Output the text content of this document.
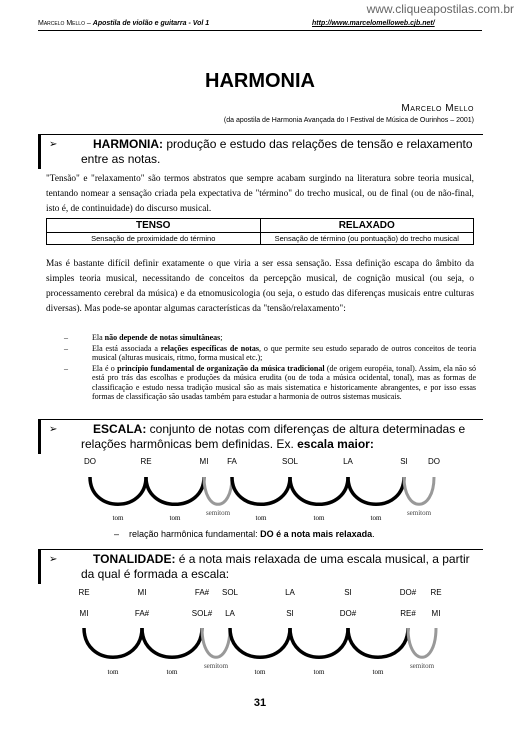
www.cliqueapostilas.com.br
Marcelo Mello – Apostila de violão e guitarra - Vol 1	http://www.marcelomelloweb.cjb.net/
HARMONIA
Marcelo Mello
(da apostila de Harmonia Avançada do I Festival de Música de Ourinhos – 2001)
➢	HARMONIA: produção e estudo das relações de tensão e relaxamento entre as notas.
"Tensão" e "relaxamento" são termos abstratos que sempre acabam surgindo na literatura sobre teoria musical, tentando nomear a sensação criada pela expectativa de "término" do trecho musical, ou de final (ou de não-final, isto é, de continuidade) do discurso musical.
TENSO	RELAXADO
Sensação de proximidade do término	Sensação de término (ou pontuação) do trecho musical
Mas é bastante difícil definir exatamente o que viria a ser essa sensação. Essa definição escapa do âmbito da simples teoria musical, necessitando de conceitos da percepção musical, de cognição musical (ou seja, o processamento cerebral da música) e da etnomusicologia (ou seja, o estudo das diferenças musicais entre culturas diversas). Mas pode-se apontar algumas características da "tensão/relaxamento":
–	Ela não depende de notas simultâneas;
–	Ela está associada a relações específicas de notas, o que permite seu estudo separado de outros conceitos de teoria musical (alturas musicais, ritmo, forma musical etc.);
–	Ela é o princípio fundamental de organização da música tradicional (de origem européia, tonal). Assim, ela não só está pro trás das escolhas e produções da música erudita (ou de toda a música ocidental, tonal), mas as formas de classificação e estudo nessa tradição musical são as mais sistematica e historicamente abrangentes, e por isso essas formas de classificação são usadas também para estudar a harmonia de outros sistemas musicais.
➢	ESCALA: conjunto de notas com diferenças de altura determinadas e relações harmônicas bem definidas. Ex. escala maior:
tom	tom
semitom
tom	tom	tom
semitom
DO	RE	MI FA	SOL	LA	SI	DO
– relação harmônica fundamental: DO é a nota mais relaxada.
➢	TONALIDADE: é a nota mais relaxada de uma escala musical, a partir da qual é formada a escala:
tom	tom
semitom
tom	tom	tom
semitom
RE	MI	FA# SOL	LA	SI	DO# RE
MI	FA#	SOL# LA	SI	DO#	RE# MI
31
